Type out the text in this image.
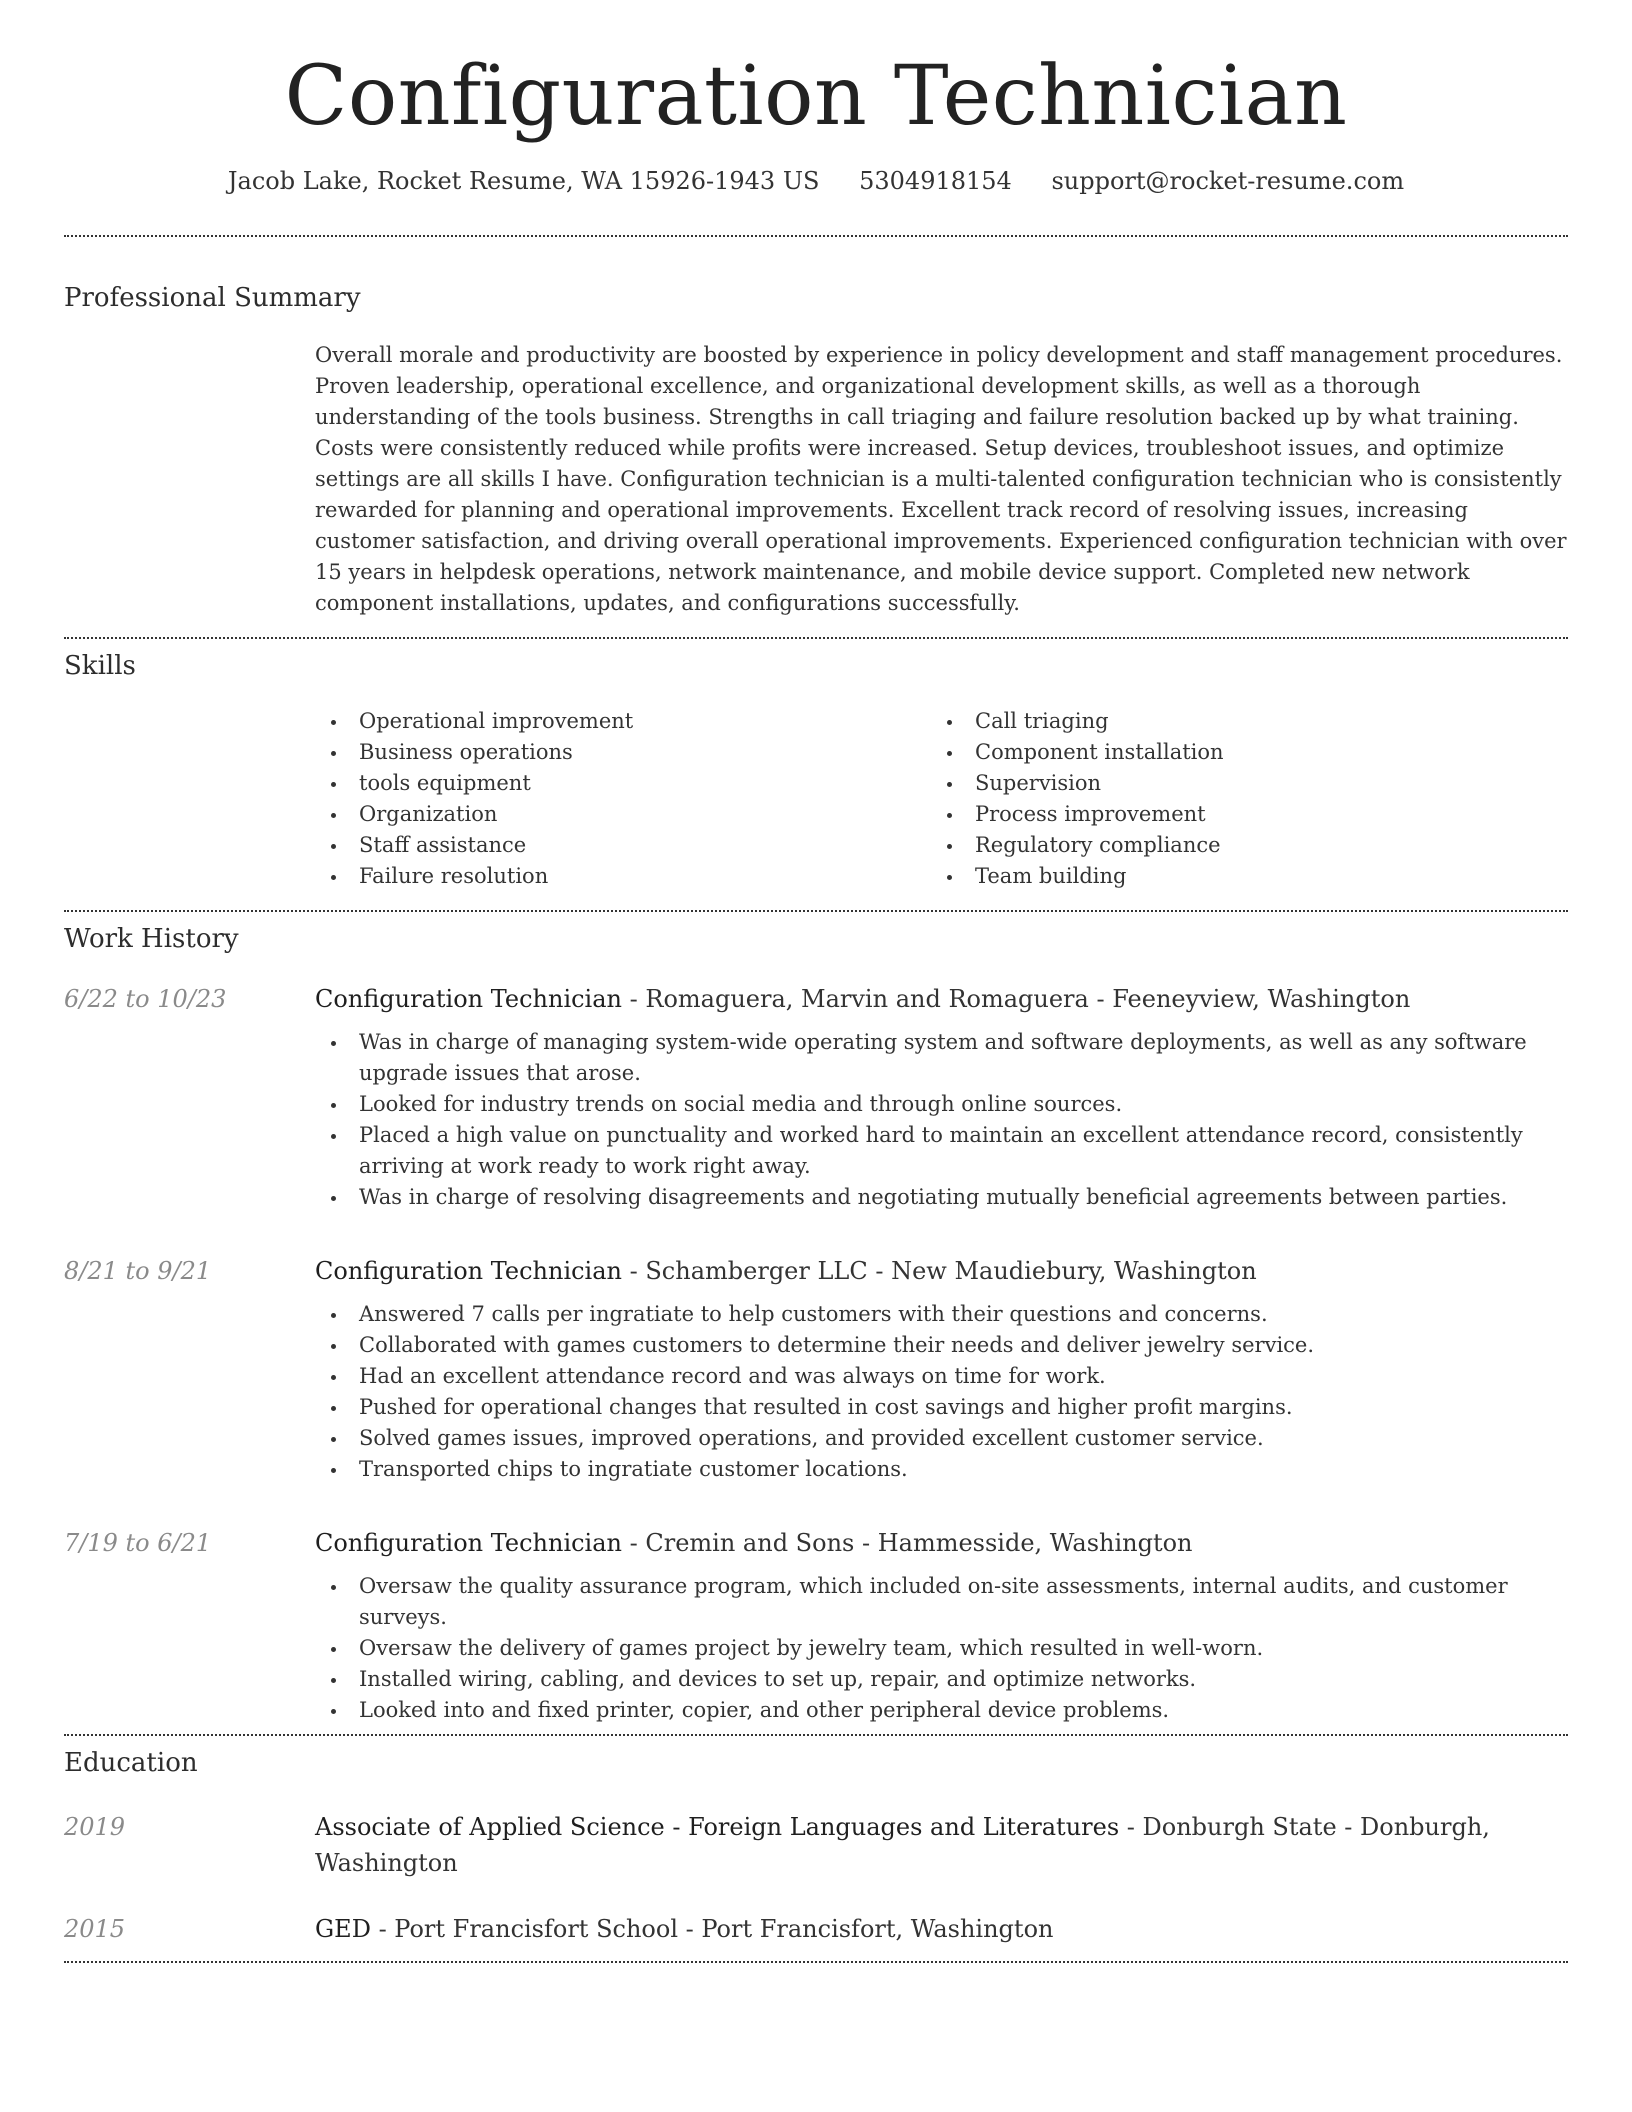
Configuration Technician
Jacob Lake, Rocket Resume, WA 15926-1943 US 5304918154 support@rocket-resume.com
Professional Summary

Overall morale and productivity are boosted by experience in policy development and staff management procedures. Proven leadership, operational excellence, and organizational development skills, as well as a thorough understanding of the tools business. Strengths in call triaging and failure resolution backed up by what training. Costs were consistently reduced while profits were increased. Setup devices, troubleshoot issues, and optimize settings are all skills I have. Configuration technician is a multi-talented configuration technician who is consistently rewarded for planning and operational improvements. Excellent track record of resolving issues, increasing customer satisfaction, and driving overall operational improvements. Experienced configuration technician with over 15 years in helpdesk operations, network maintenance, and mobile device support. Completed new network component installations, updates, and configurations successfully.

Skills
Operational improvement
Business operations
tools equipment
Organization
Staff assistance
Failure resolution
Call triaging
Component installation
Supervision
Process improvement
Regulatory compliance
Team building
Work History
6/22 to 10/23	Configuration Technician - Romaguera, Marvin and Romaguera - Feeneyview, Washington
Was in charge of managing system-wide operating system and software deployments, as well as any software upgrade issues that arose.
Looked for industry trends on social media and through online sources.
Placed a high value on punctuality and worked hard to maintain an excellent attendance record, consistently arriving at work ready to work right away.
Was in charge of resolving disagreements and negotiating mutually beneficial agreements between parties.
8/21 to 9/21	Configuration Technician - Schamberger LLC - New Maudiebury, Washington
Answered 7 calls per ingratiate to help customers with their questions and concerns.
Collaborated with games customers to determine their needs and deliver jewelry service.
Had an excellent attendance record and was always on time for work.
Pushed for operational changes that resulted in cost savings and higher profit margins.
Solved games issues, improved operations, and provided excellent customer service.
Transported chips to ingratiate customer locations.
7/19 to 6/21	Configuration Technician - Cremin and Sons - Hammesside, Washington
Oversaw the quality assurance program, which included on-site assessments, internal audits, and customer surveys.
Oversaw the delivery of games project by jewelry team, which resulted in well-worn.
Installed wiring, cabling, and devices to set up, repair, and optimize networks.
Looked into and fixed printer, copier, and other peripheral device problems.
Education
2019	Associate of Applied Science - Foreign Languages and Literatures - Donburgh State - Donburgh, Washington
2015	GED - Port Francisfort School - Port Francisfort, Washington
